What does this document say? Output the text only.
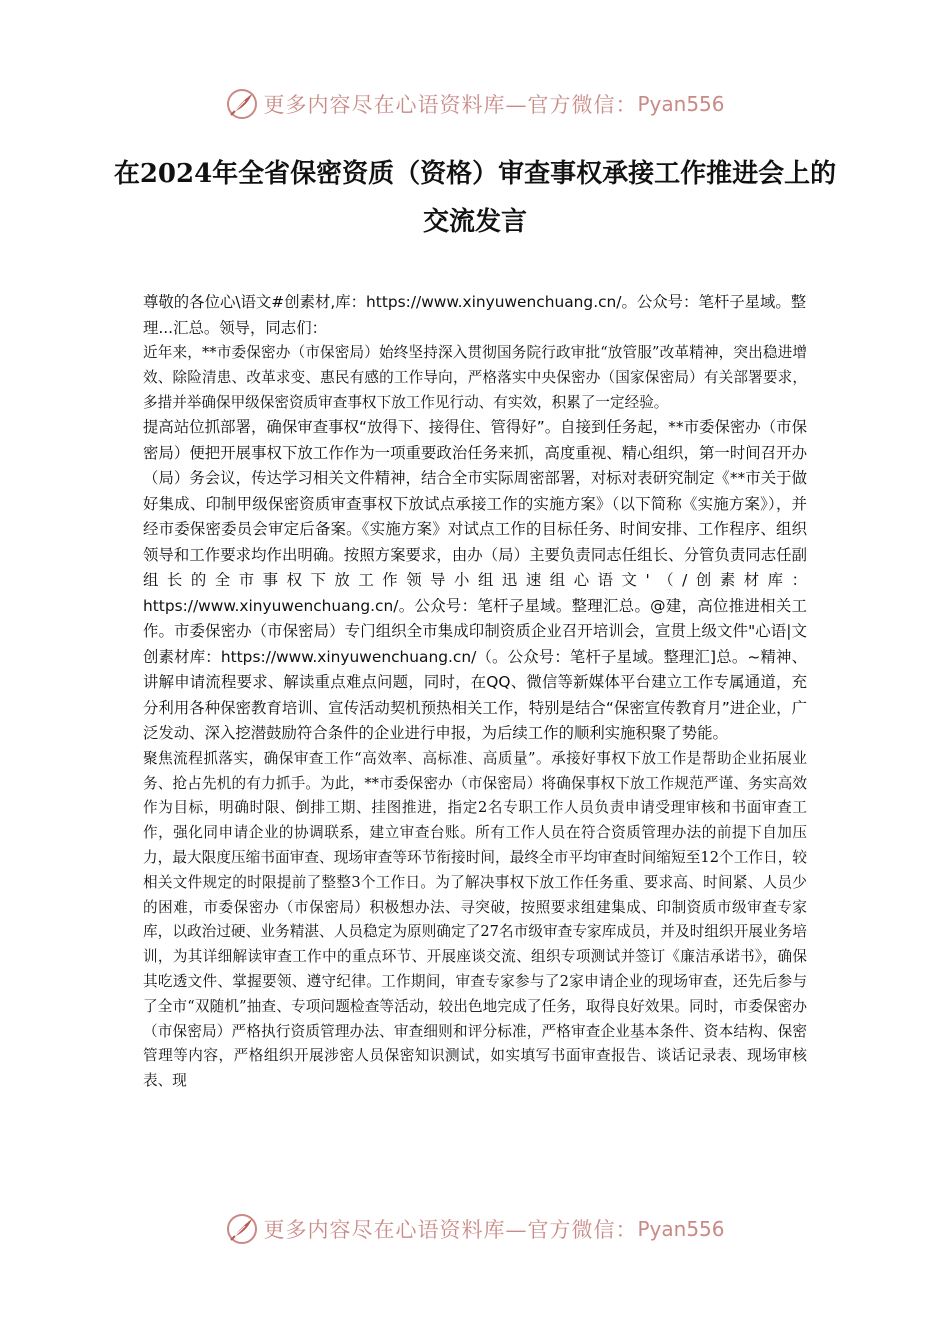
更多内容尽在心语资料库—官方微信： Pyan556
在2024年全省保密资质（资格）审查事权承接工作推进会上的交流发言

尊敬的各位心\语文#创素材,库：https://www.xinyuwenchuang.cn/。公众号：笔杆子星域。整理...汇总。领导，同志们：

近年来，**市委保密办（市保密局）始终坚持深入贯彻国务院行政审批“放管服”改革精神，突出稳进增效、除险清患、改革求变、惠民有感的工作导向，严格落实中央保密办（国家保密局）有关部署要求，多措并举确保甲级保密资质审查事权下放工作见行动、有实效，积累了一定经验。

提高站位抓部署，确保审查事权“放得下、接得住、管得好”。自接到任务起，**市委保密办（市保密局）便把开展事权下放工作作为一项重要政治任务来抓，高度重视、精心组织，第一时间召开办（局）务会议，传达学习相关文件精神，结合全市实际周密部署，对标对表研究制定《**市关于做好集成、印制甲级保密资质审查事权下放试点承接工作的实施方案》（以下简称《实施方案》），并经市委保密委员会审定后备案。《实施方案》对试点工作的目标任务、时间安排、工作程序、组织领导和工作要求均作出明确。按照方案要求，由办（局）主要负责同志任组长、分管负责同志任副组长的全市事权下放工作领导小组迅速组心语文'（/创素材库：https://www.xinyuwenchuang.cn/。公众号：笔杆子星域。整理汇总。@建，高位推进相关工作。市委保密办（市保密局）专门组织全市集成印制资质企业召开培训会，宣贯上级文件"心语|文创素材库：https://www.xinyuwenchuang.cn/（。公众号：笔杆子星域。整理汇]总。~精神、讲解申请流程要求、解读重点难点问题，同时，在QQ、微信等新媒体平台建立工作专属通道，充分利用各种保密教育培训、宣传活动契机预热相关工作，特别是结合“保密宣传教育月”进企业，广泛发动、深入挖潜鼓励符合条件的企业进行申报，为后续工作的顺利实施积聚了势能。

聚焦流程抓落实，确保审查工作“高效率、高标准、高质量”。承接好事权下放工作是帮助企业拓展业务、抢占先机的有力抓手。为此，**市委保密办（市保密局）将确保事权下放工作规范严谨、务实高效作为目标，明确时限、倒排工期、挂图推进，指定2名专职工作人员负责申请受理审核和书面审查工作，强化同申请企业的协调联系，建立审查台账。所有工作人员在符合资质管理办法的前提下自加压力，最大限度压缩书面审查、现场审查等环节衔接时间，最终全市平均审查时间缩短至12个工作日，较相关文件规定的时限提前了整整3个工作日。为了解决事权下放工作任务重、要求高、时间紧、人员少的困难，市委保密办（市保密局）积极想办法、寻突破，按照要求组建集成、印制资质市级审查专家库，以政治过硬、业务精湛、人员稳定为原则确定了27名市级审查专家库成员，并及时组织开展业务培训，为其详细解读审查工作中的重点环节、开展座谈交流、组织专项测试并签订《廉洁承诺书》，确保其吃透文件、掌握要领、遵守纪律。工作期间，审查专家参与了2家申请企业的现场审查，还先后参与了全市“双随机”抽查、专项问题检查等活动，较出色地完成了任务，取得良好效果。同时，市委保密办（市保密局）严格执行资质管理办法、审查细则和评分标准，严格审查企业基本条件、资本结构、保密管理等内容，严格组织开展涉密人员保密知识测试，如实填写书面审查报告、谈话记录表、现场审核表、现

更多内容尽在心语资料库—官方微信： Pyan556
